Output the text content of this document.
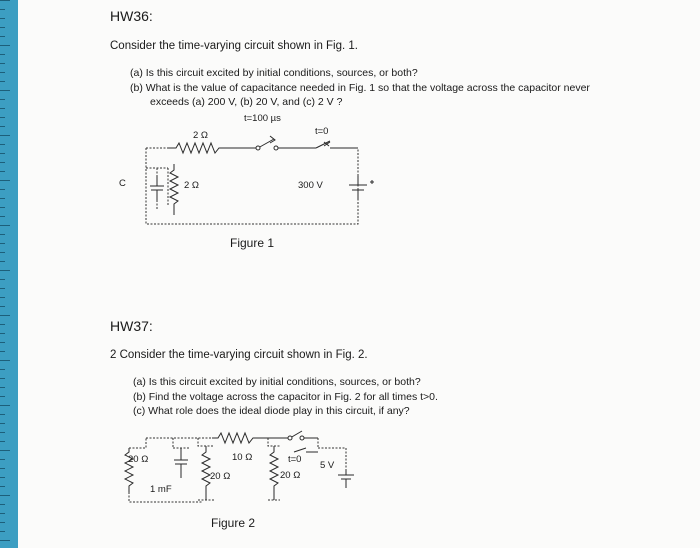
HW36:
Consider the time-varying circuit shown in Fig. 1.
(a) Is this circuit excited by initial conditions, sources, or both?
(b) What is the value of capacitance needed in Fig. 1 so that the voltage across the capacitor never
exceeds (a) 200 V, (b) 20 V, and (c) 2 V ?
t=100 µs
2 Ω	t=0
C	2 Ω	300 V
Figure 1
HW37:
2 Consider the time-varying circuit shown in Fig. 2.
(a) Is this circuit excited by initial conditions, sources, or both?
(b) Find the voltage across the capacitor in Fig. 2 for all times t>0.
(c) What role does the ideal diode play in this circuit, if any?
20 Ω
1 mF
10 Ω
20 Ω
t=0
20 Ω
5 V
Figure 2
